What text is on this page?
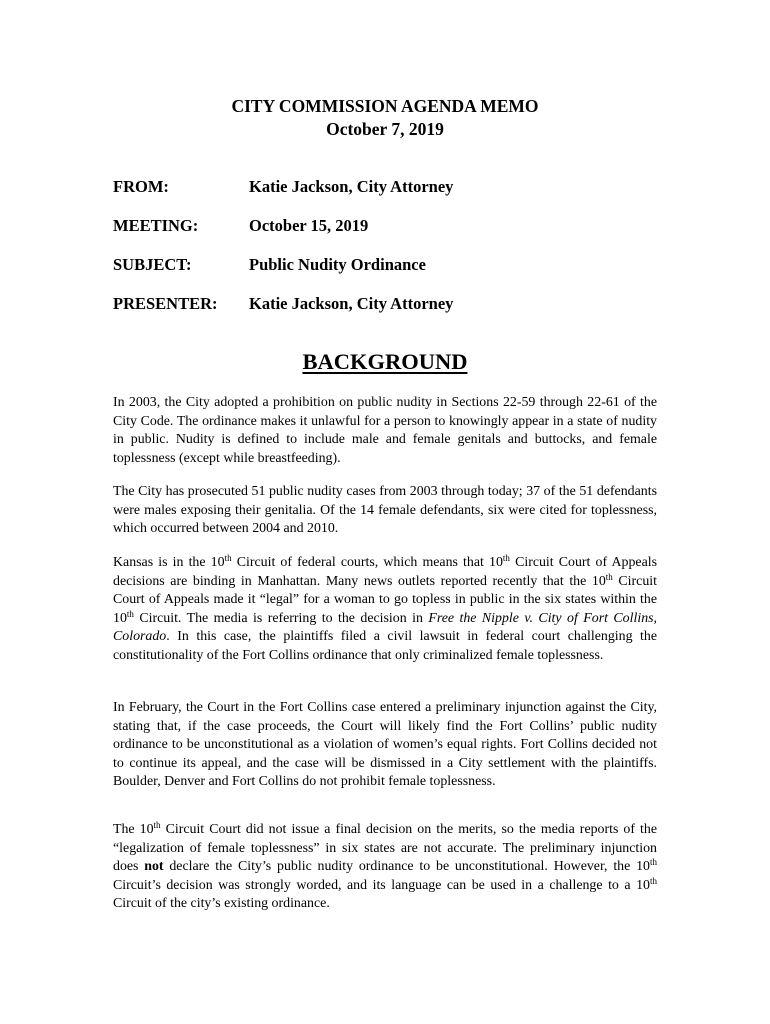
CITY COMMISSION AGENDA MEMO
October 7, 2019
FROM:	Katie Jackson, City Attorney
MEETING:	October 15, 2019
SUBJECT:	Public Nudity Ordinance
PRESENTER: Katie Jackson, City Attorney
BACKGROUND

In 2003, the City adopted a prohibition on public nudity in Sections 22-59 through 22-61 of the City Code. The ordinance makes it unlawful for a person to knowingly appear in a state of nudity in public. Nudity is defined to include male and female genitals and buttocks, and female toplessness (except while breastfeeding).

The City has prosecuted 51 public nudity cases from 2003 through today; 37 of the 51 defendants were males exposing their genitalia. Of the 14 female defendants, six were cited for toplessness, which occurred between 2004 and 2010.

Kansas is in the 10th Circuit of federal courts, which means that 10th Circuit Court of Appeals decisions are binding in Manhattan. Many news outlets reported recently that the 10th Circuit Court of Appeals made it “legal” for a woman to go topless in public in the six states within the 10th Circuit. The media is referring to the decision in Free the Nipple v. City of Fort Collins, Colorado. In this case, the plaintiffs filed a civil lawsuit in federal court challenging the constitutionality of the Fort Collins ordinance that only criminalized female toplessness.

In February, the Court in the Fort Collins case entered a preliminary injunction against the City, stating that, if the case proceeds, the Court will likely find the Fort Collins’ public nudity ordinance to be unconstitutional as a violation of women’s equal rights. Fort Collins decided not to continue its appeal, and the case will be dismissed in a City settlement with the plaintiffs. Boulder, Denver and Fort Collins do not prohibit female toplessness.

The 10th Circuit Court did not issue a final decision on the merits, so the media reports of the “legalization of female toplessness” in six states are not accurate. The preliminary injunction does not declare the City’s public nudity ordinance to be unconstitutional. However, the 10th Circuit’s decision was strongly worded, and its language can be used in a challenge to a 10th Circuit of the city’s existing ordinance.
